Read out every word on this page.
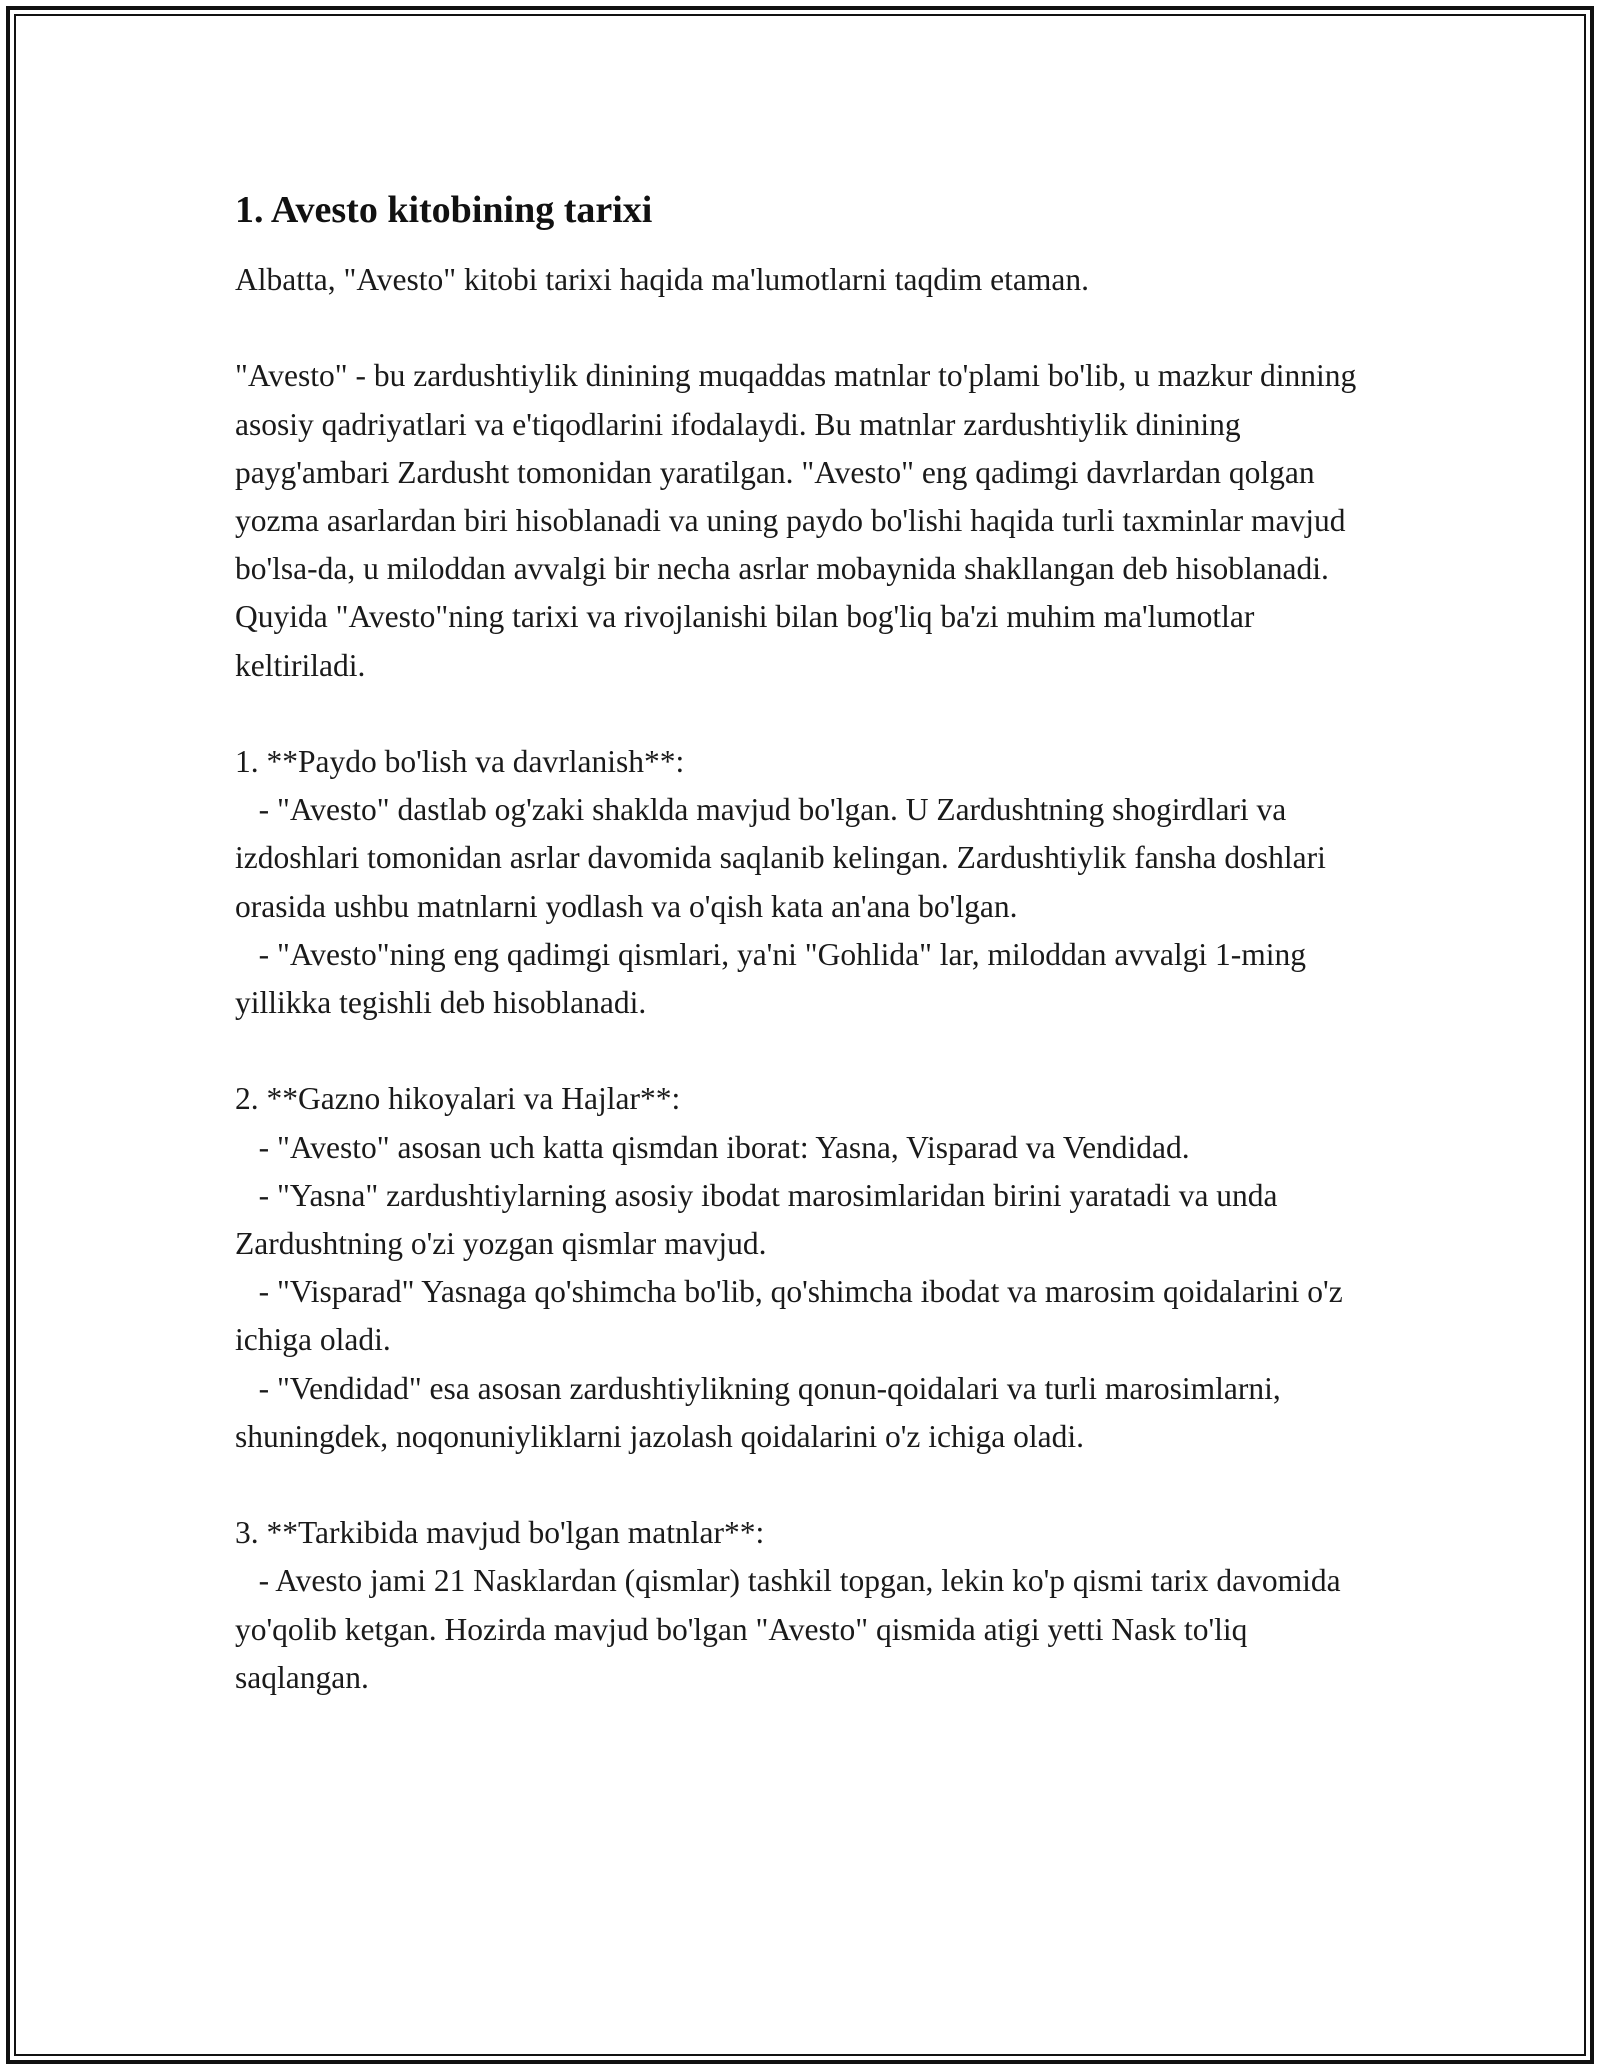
1. Avesto kitobining tarixi

Albatta, "Avesto" kitobi tarixi haqida ma'lumotlarni taqdim etaman.

"Avesto" - bu zardushtiylik dinining muqaddas matnlar to'plami bo'lib, u mazkur dinning asosiy qadriyatlari va e'tiqodlarini ifodalaydi. Bu matnlar zardushtiylik dinining payg'ambari Zardusht tomonidan yaratilgan. "Avesto" eng qadimgi davrlardan qolgan yozma asarlardan biri hisoblanadi va uning paydo bo'lishi haqida turli taxminlar mavjud bo'lsa-da, u miloddan avvalgi bir necha asrlar mobaynida shakllangan deb hisoblanadi. Quyida "Avesto"ning tarixi va rivojlanishi bilan bog'liq ba'zi muhim ma'lumotlar keltiriladi.

1. **Paydo bo'lish va davrlanish**:

- "Avesto" dastlab og'zaki shaklda mavjud bo'lgan. U Zardushtning shogirdlari va izdoshlari tomonidan asrlar davomida saqlanib kelingan. Zardushtiylik fansha doshlari orasida ushbu matnlarni yodlash va o'qish kata an'ana bo'lgan.

- "Avesto"ning eng qadimgi qismlari, ya'ni "Gohlida" lar, miloddan avvalgi 1-ming yillikka tegishli deb hisoblanadi.

2. **Gazno hikoyalari va Hajlar**:

- "Avesto" asosan uch katta qismdan iborat: Yasna, Visparad va Vendidad.

- "Yasna" zardushtiylarning asosiy ibodat marosimlaridan birini yaratadi va unda Zardushtning o'zi yozgan qismlar mavjud.

- "Visparad" Yasnaga qo'shimcha bo'lib, qo'shimcha ibodat va marosim qoidalarini o'z ichiga oladi.

- "Vendidad" esa asosan zardushtiylikning qonun-qoidalari va turli marosimlarni, shuningdek, noqonuniyliklarni jazolash qoidalarini o'z ichiga oladi.

3. **Tarkibida mavjud bo'lgan matnlar**:

- Avesto jami 21 Nasklardan (qismlar) tashkil topgan, lekin ko'p qismi tarix davomida yo'qolib ketgan. Hozirda mavjud bo'lgan "Avesto" qismida atigi yetti Nask to'liq saqlangan.
